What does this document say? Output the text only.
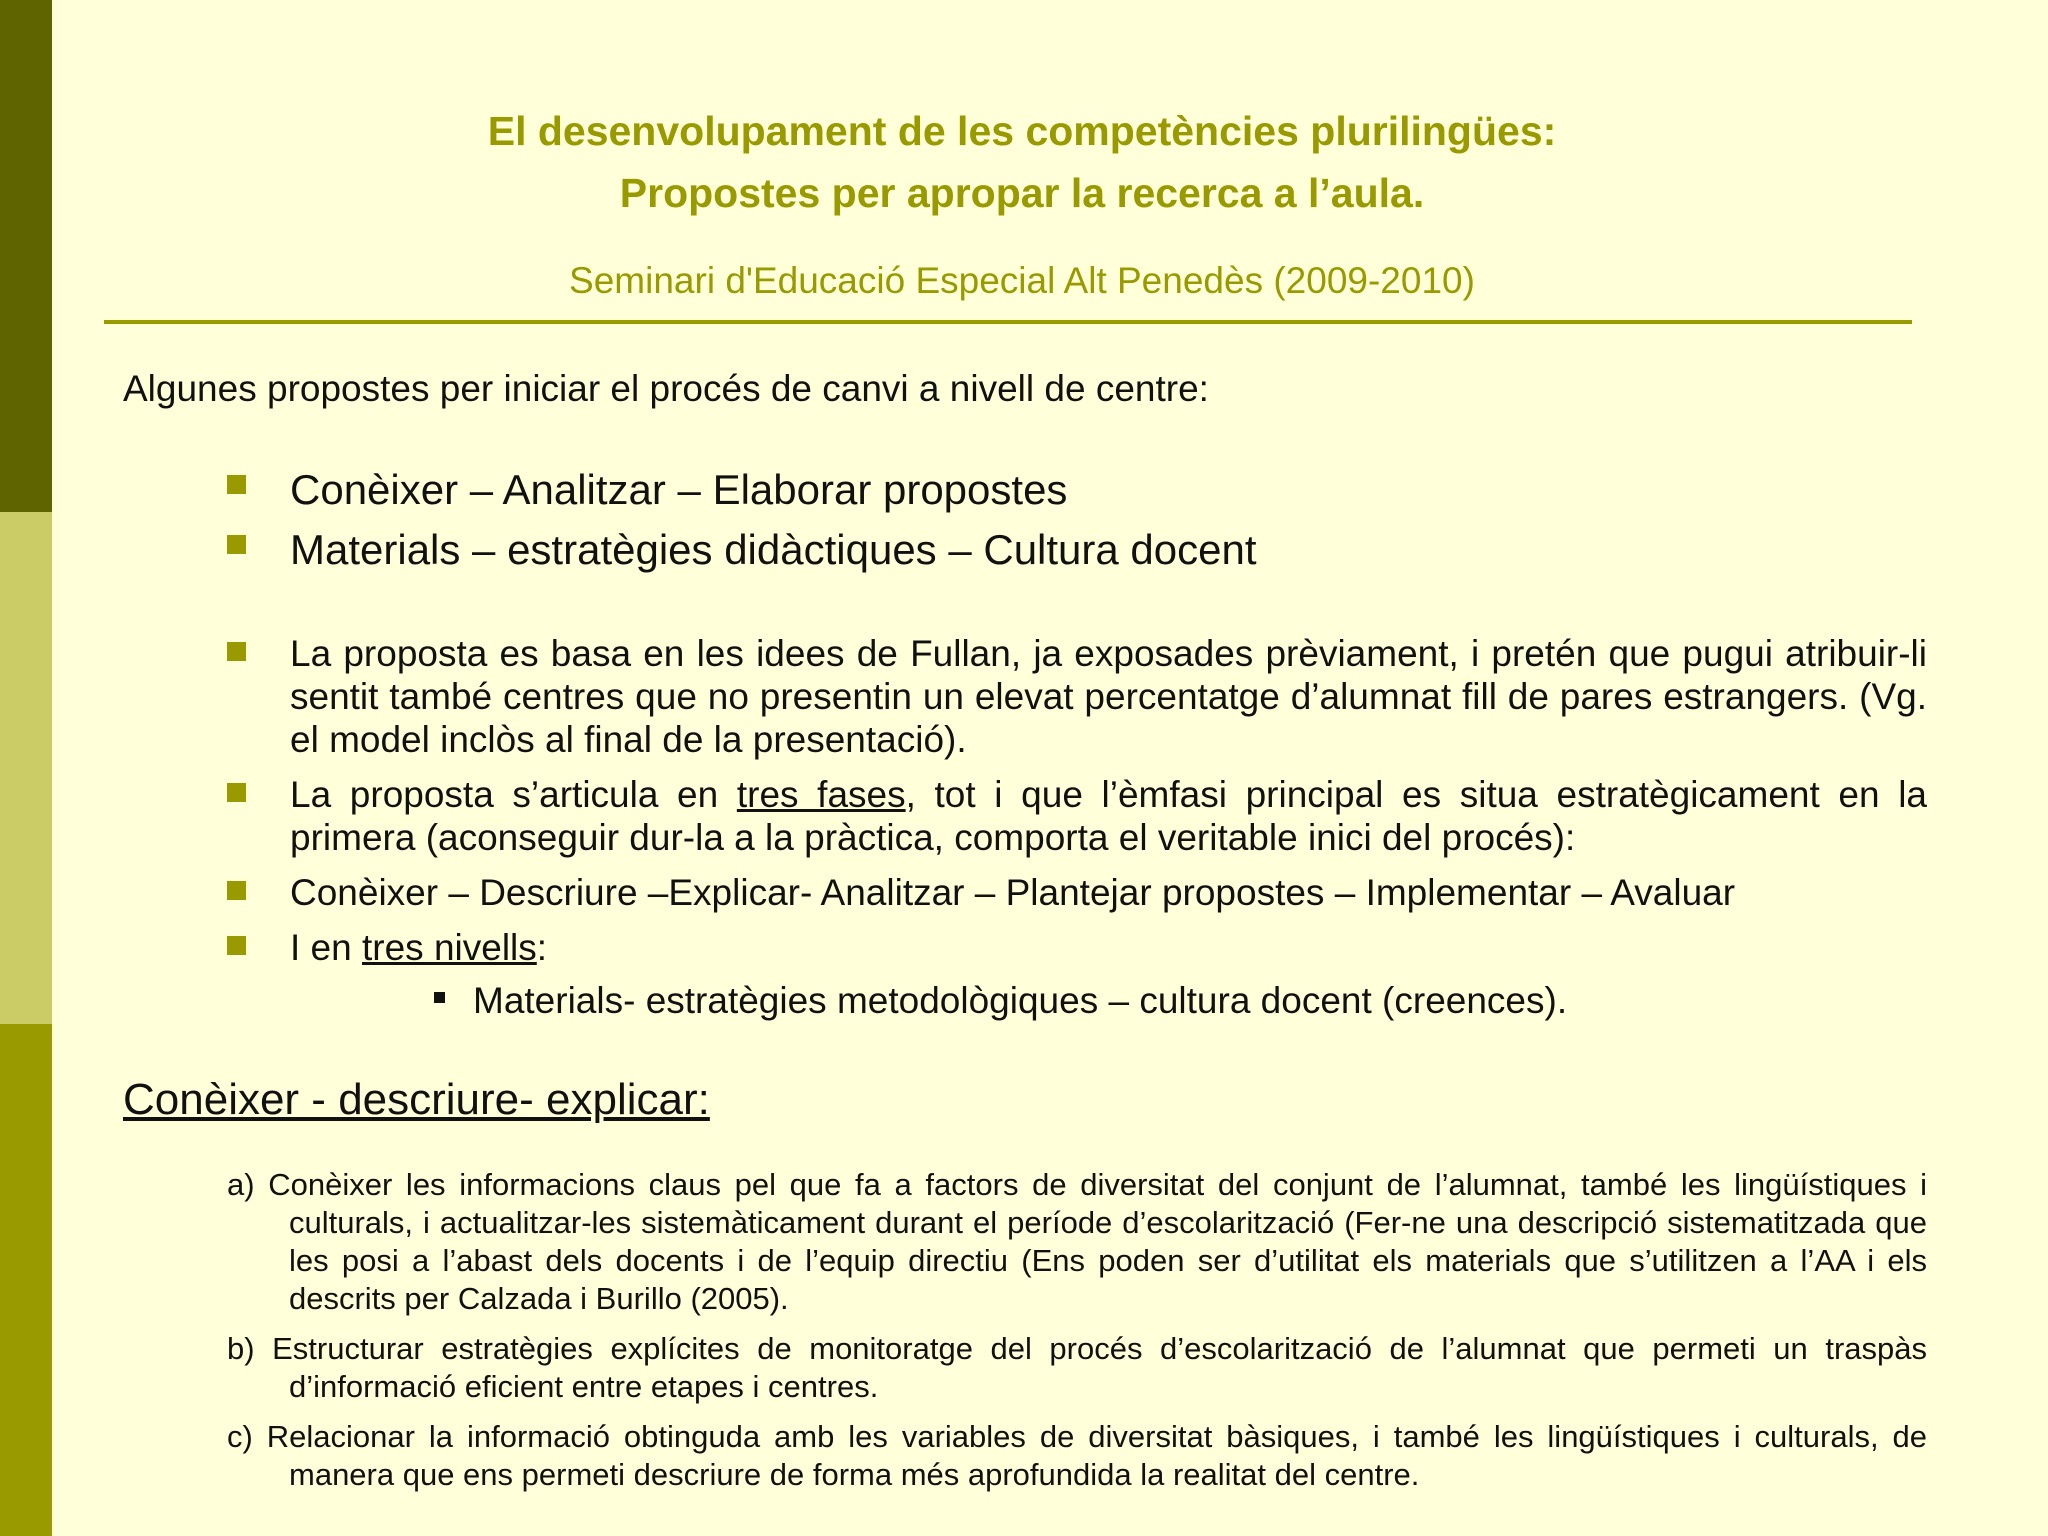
El desenvolupament de les competències plurilingües:
Propostes per apropar la recerca a l’aula.
Seminari d'Educació Especial Alt Penedès (2009-2010)
Algunes propostes per iniciar el procés de canvi a nivell de centre:
Conèixer – Analitzar – Elaborar propostes
Materials – estratègies didàctiques – Cultura docent
La proposta es basa en les idees de Fullan, ja exposades prèviament, i pretén que pugui atribuir-li sentit també centres que no presentin un elevat percentatge d’alumnat fill de pares estrangers. (Vg. el model inclòs al final de la presentació).
La proposta s’articula en tres fases, tot i que l’èmfasi principal es situa estratègicament en la primera (aconseguir dur-la a la pràctica, comporta el veritable inici del procés):
Conèixer – Descriure –Explicar- Analitzar – Plantejar propostes – Implementar – Avaluar
I en tres nivells:
Materials- estratègies metodològiques – cultura docent (creences).
Conèixer - descriure- explicar:
a) Conèixer les informacions claus pel que fa a factors de diversitat del conjunt de l’alumnat, també les lingüístiques i culturals, i actualitzar-les sistemàticament durant el període d’escolarització (Fer-ne una descripció sistematitzada que les posi a l’abast dels docents i de l’equip directiu (Ens poden ser d’utilitat els materials que s’utilitzen a l’AA i els descrits per Calzada i Burillo (2005).
b) Estructurar estratègies explícites de monitoratge del procés d’escolarització de l’alumnat que permeti un traspàs d’informació eficient entre etapes i centres.
c) Relacionar la informació obtinguda amb les variables de diversitat bàsiques, i també les lingüístiques i culturals, de manera que ens permeti descriure de forma més aprofundida la realitat del centre.
